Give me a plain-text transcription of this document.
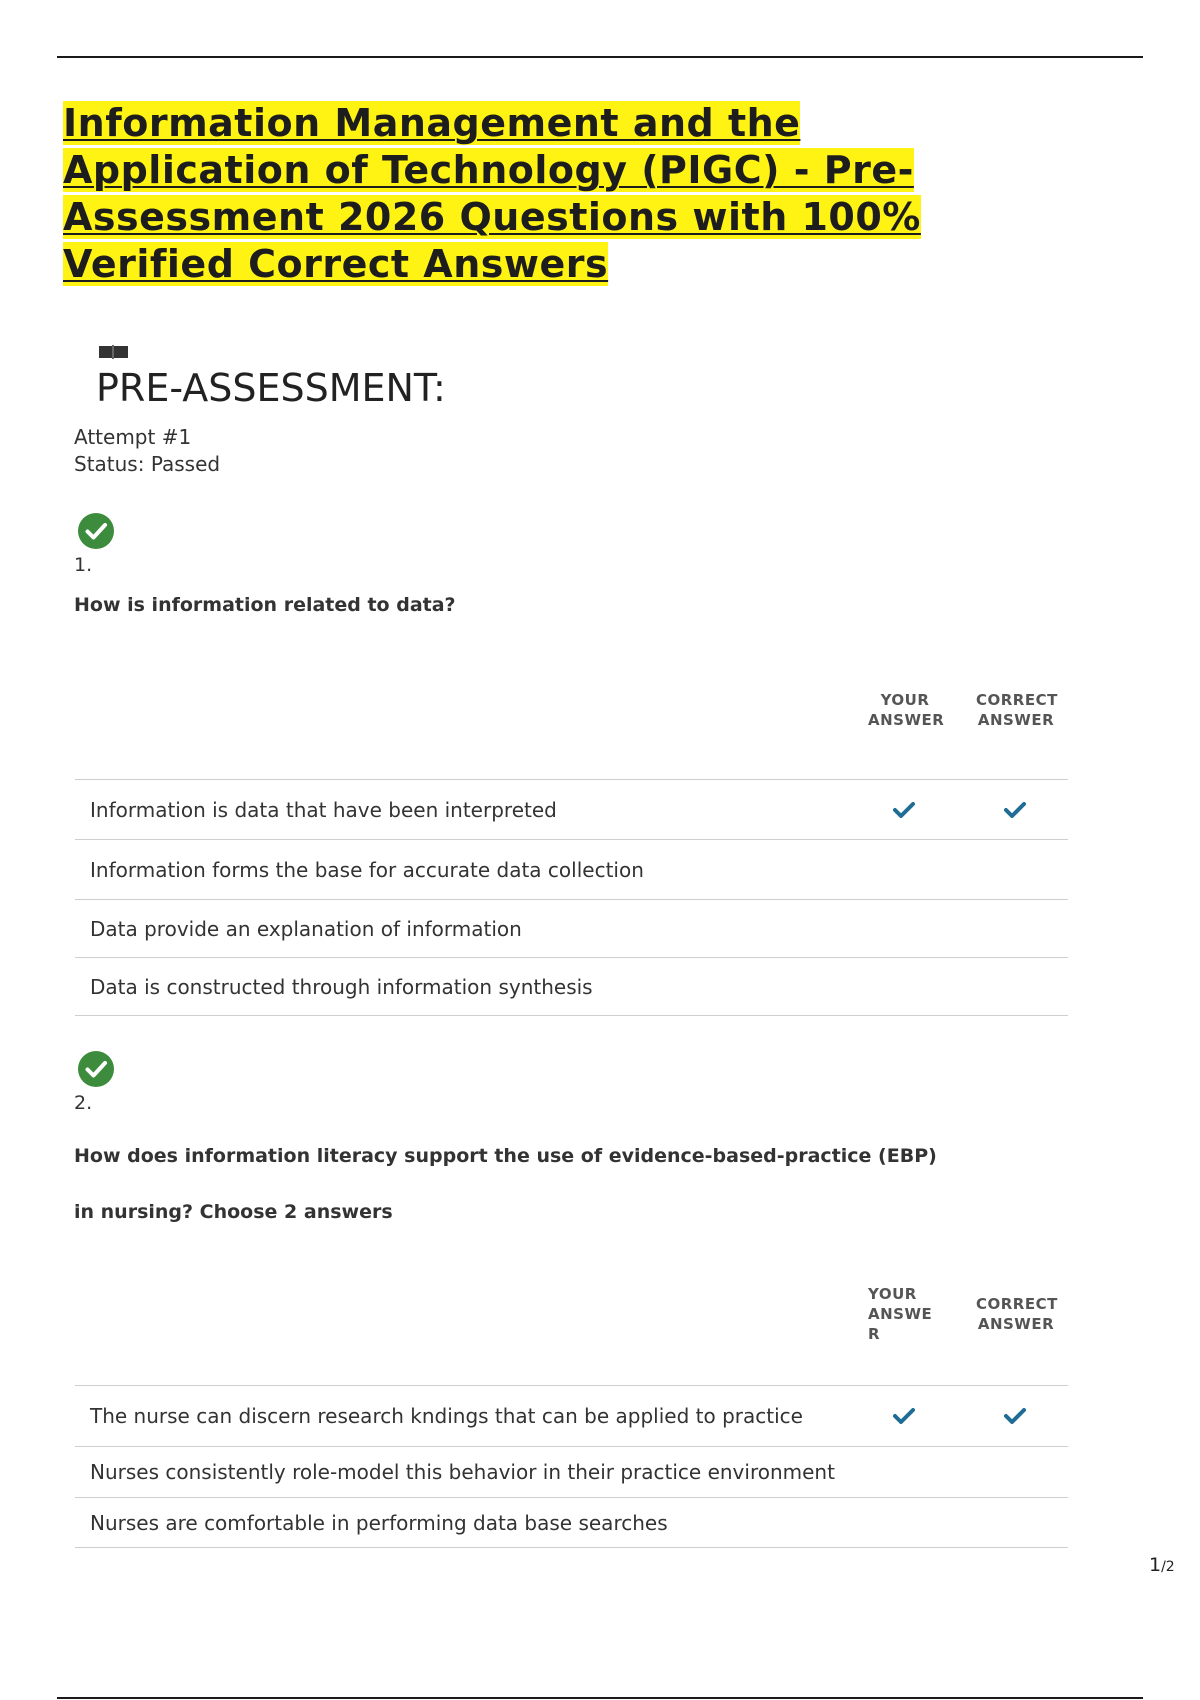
Information Management and the Application of Technology (PIGC) - Pre-Assessment 2026 Questions with 100% Verified Correct Answers
PRE-ASSESSMENT:
Attempt #1
Status: Passed
1.
How is information related to data?
YOUR ANSWER
CORRECT ANSWER
Information is data that have been interpreted
Information forms the base for accurate data collection
Data provide an explanation of information
Data is constructed through information synthesis
2.
How does information literacy support the use of evidence-based-practice (EBP) in nursing? Choose 2 answers
YOUR ANSWE R
CORRECT ANSWER
The nurse can discern research kndings that can be applied to practice
Nurses consistently role-model this behavior in their practice environment
Nurses are comfortable in performing data base searches
1/2
